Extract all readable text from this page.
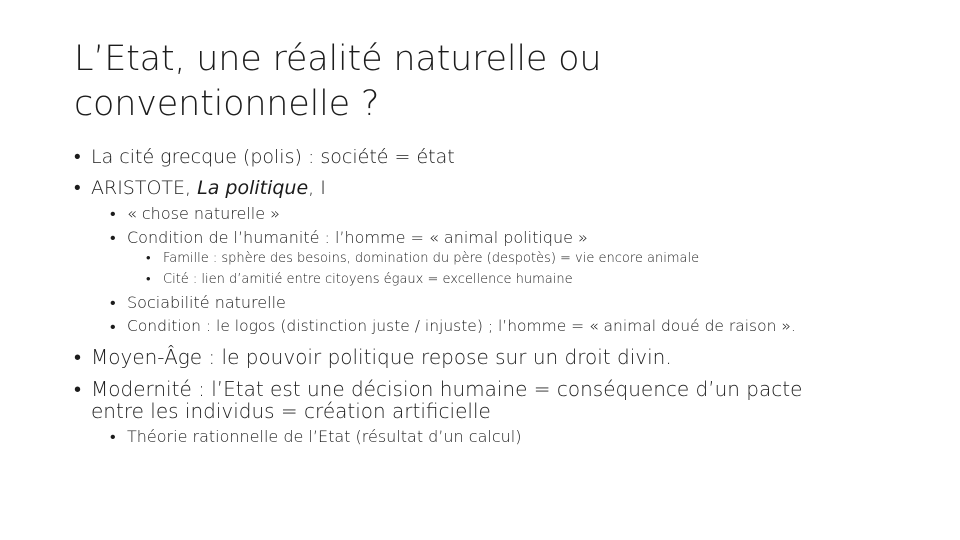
L’Etat, une réalité naturelle ou
conventionnelle ?
• La cité grecque (polis) : société = état
• ARISTOTE, La politique, I
• « chose naturelle »
• Condition de l’humanité : l’homme = « animal politique »
• Famille : sphère des besoins, domination du père (despotès) = vie encore animale
• Cité : lien d’amitié entre citoyens égaux = excellence humaine
• Sociabilité naturelle
• Condition : le logos (distinction juste / injuste) ; l’homme = « animal doué de raison ».
• Moyen-Âge : le pouvoir politique repose sur un droit divin.
• Modernité : l’Etat est une décision humaine = conséquence d’un pacte
entre les individus = création artificielle
• Théorie rationnelle de l’Etat (résultat d’un calcul)
